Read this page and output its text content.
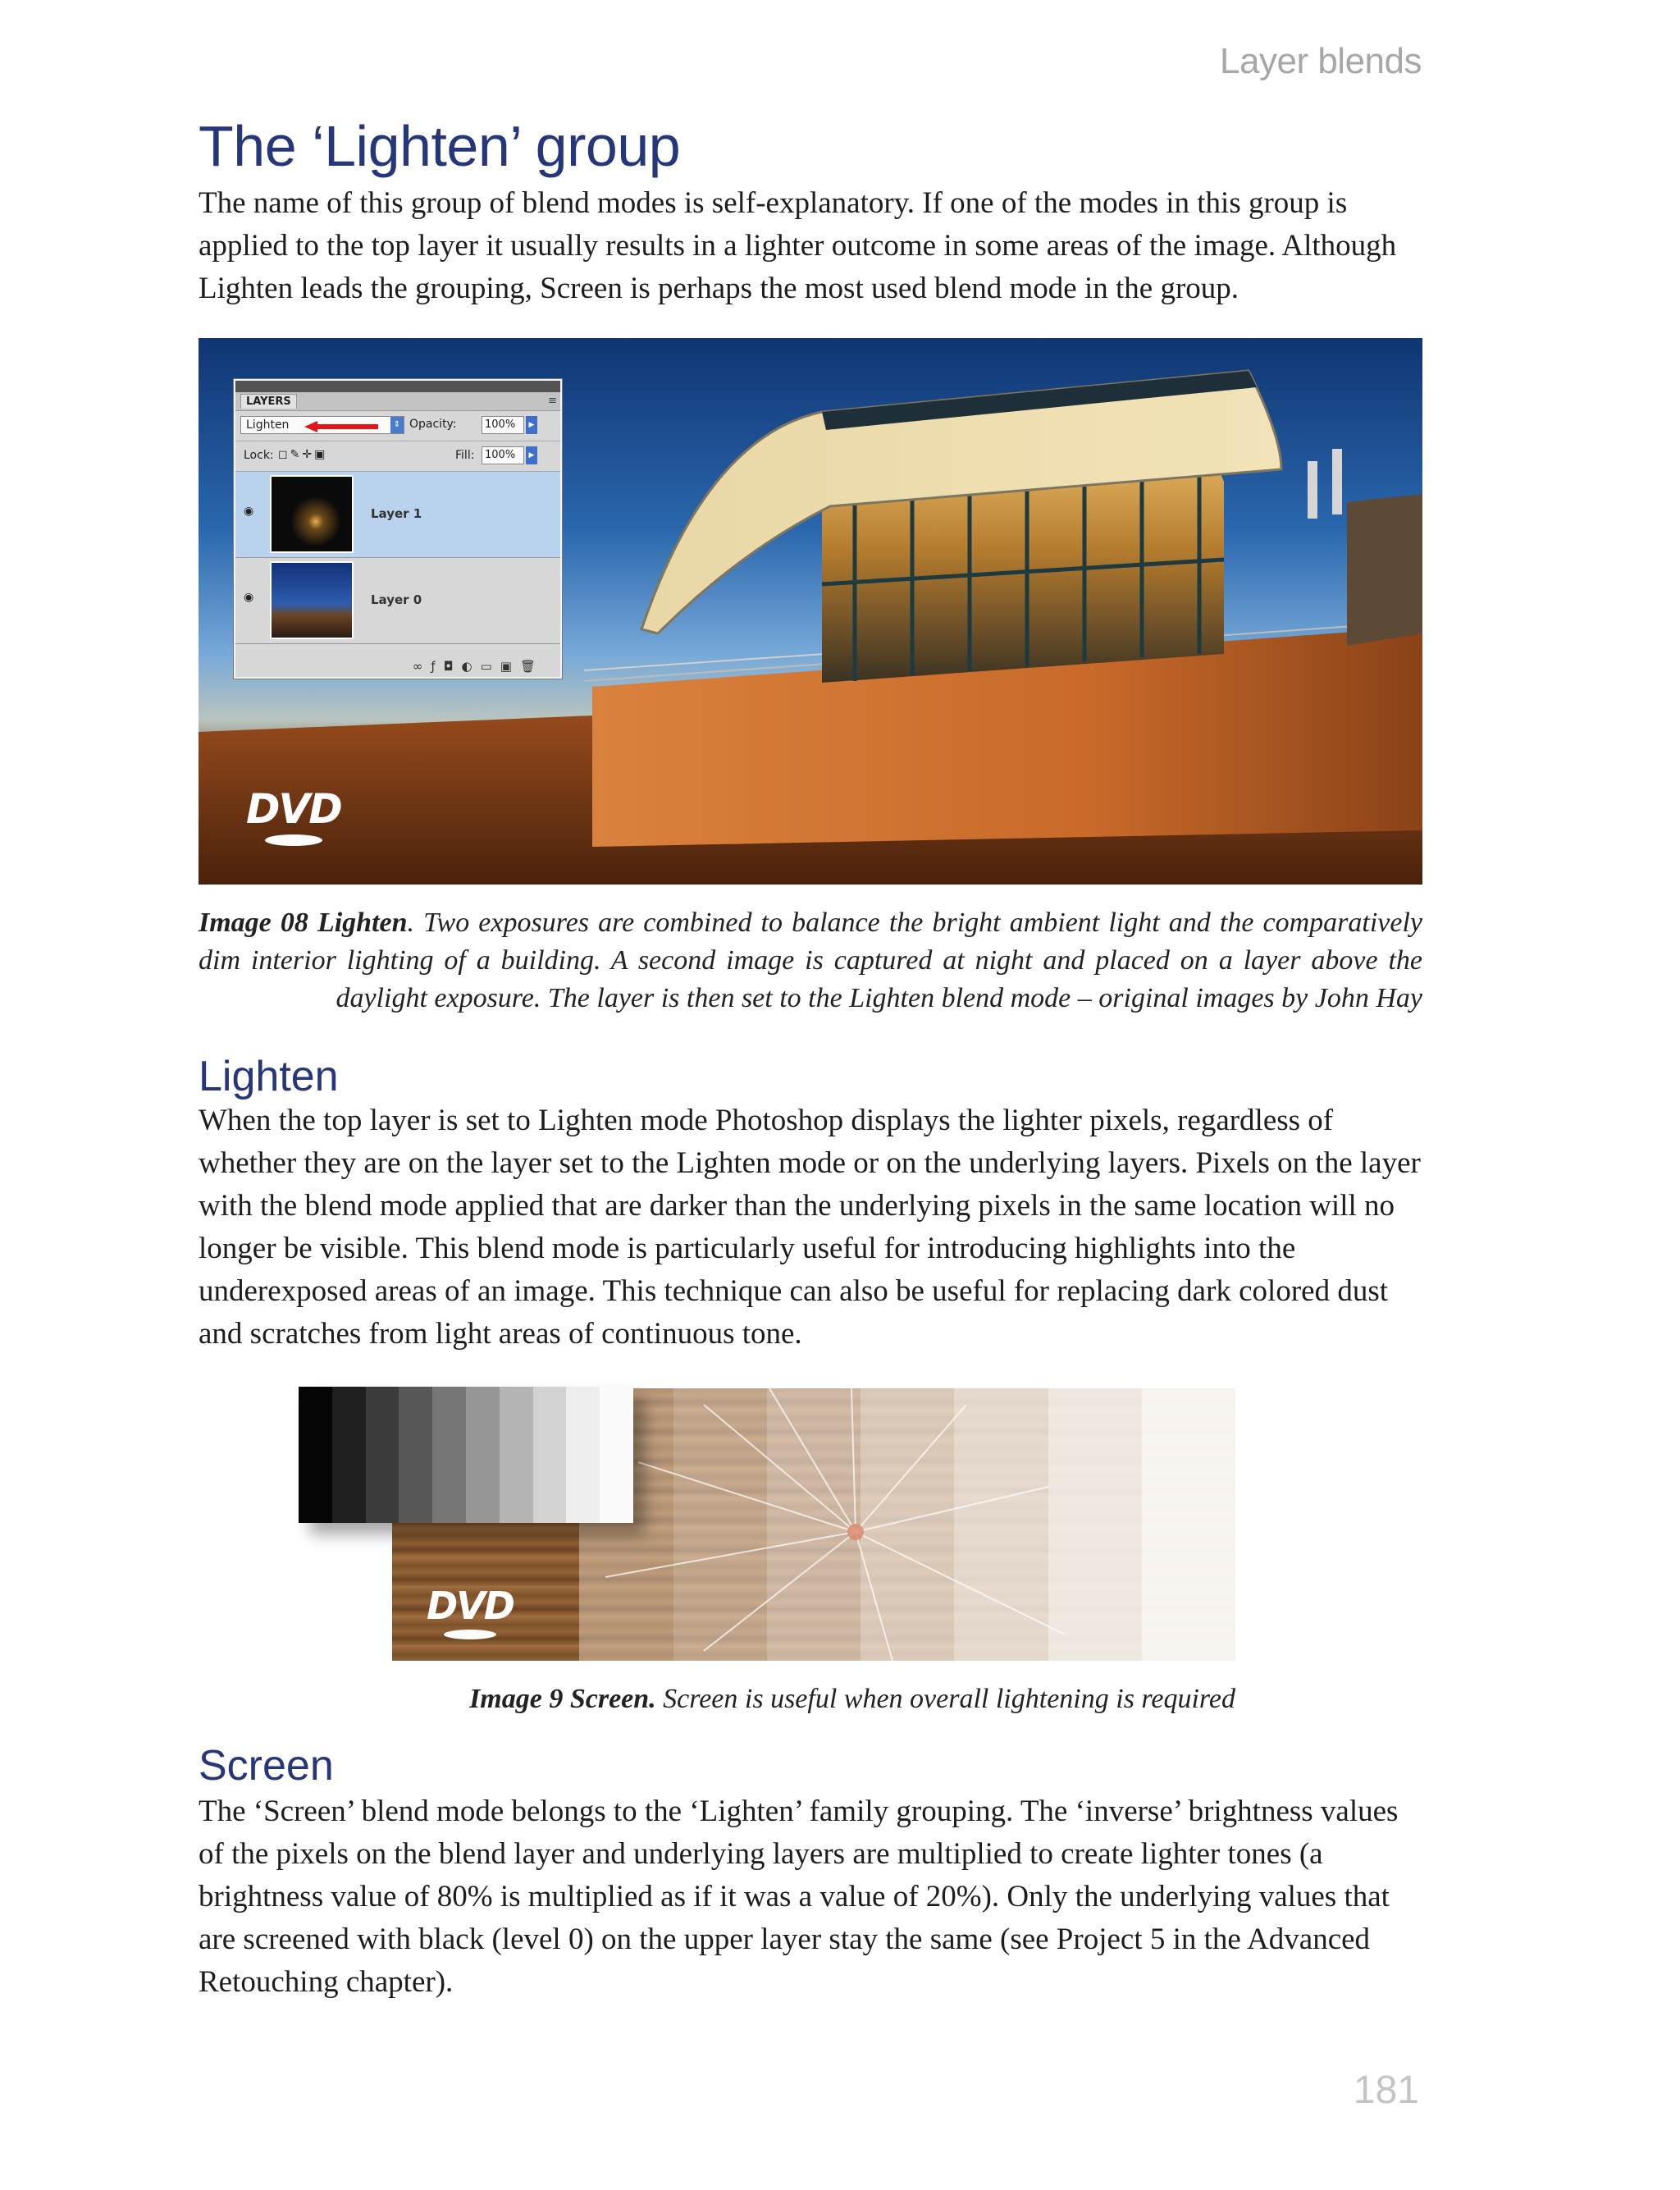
Layer blends
The ‘Lighten’ group

The name of this group of blend modes is self-explanatory. If one of the modes in this group is applied to the top layer it usually results in a lighter outcome in some areas of the image. Although Lighten leads the grouping, Screen is perhaps the most used blend mode in the group.

LAYERS	≡
Lighten	⇕ Opacity:	100%	▶
Lock: ◻✎✛▣	Fill: 100%	▶
◉	Layer 1
◉	Layer 0
∞ƒ◘◐▭▣🗑
DVD

Image 08 Lighten. Two exposures are combined to balance the bright ambient light and the comparatively dim interior lighting of a building. A second image is captured at night and placed on a layer above the daylight exposure. The layer is then set to the Lighten blend mode – original images by John Hay

Lighten

When the top layer is set to Lighten mode Photoshop displays the lighter pixels, regardless of whether they are on the layer set to the Lighten mode or on the underlying layers. Pixels on the layer with the blend mode applied that are darker than the underlying pixels in the same location will no longer be visible. This blend mode is particularly useful for introducing highlights into the underexposed areas of an image. This technique can also be useful for replacing dark colored dust and scratches from light areas of continuous tone.

DVD

Image 9 Screen. Screen is useful when overall lightening is required

Screen

The ‘Screen’ blend mode belongs to the ‘Lighten’ family grouping. The ‘inverse’ brightness values of the pixels on the blend layer and underlying layers are multiplied to create lighter tones (a brightness value of 80% is multiplied as if it was a value of 20%). Only the underlying values that are screened with black (level 0) on the upper layer stay the same (see Project 5 in the Advanced Retouching chapter).

181
